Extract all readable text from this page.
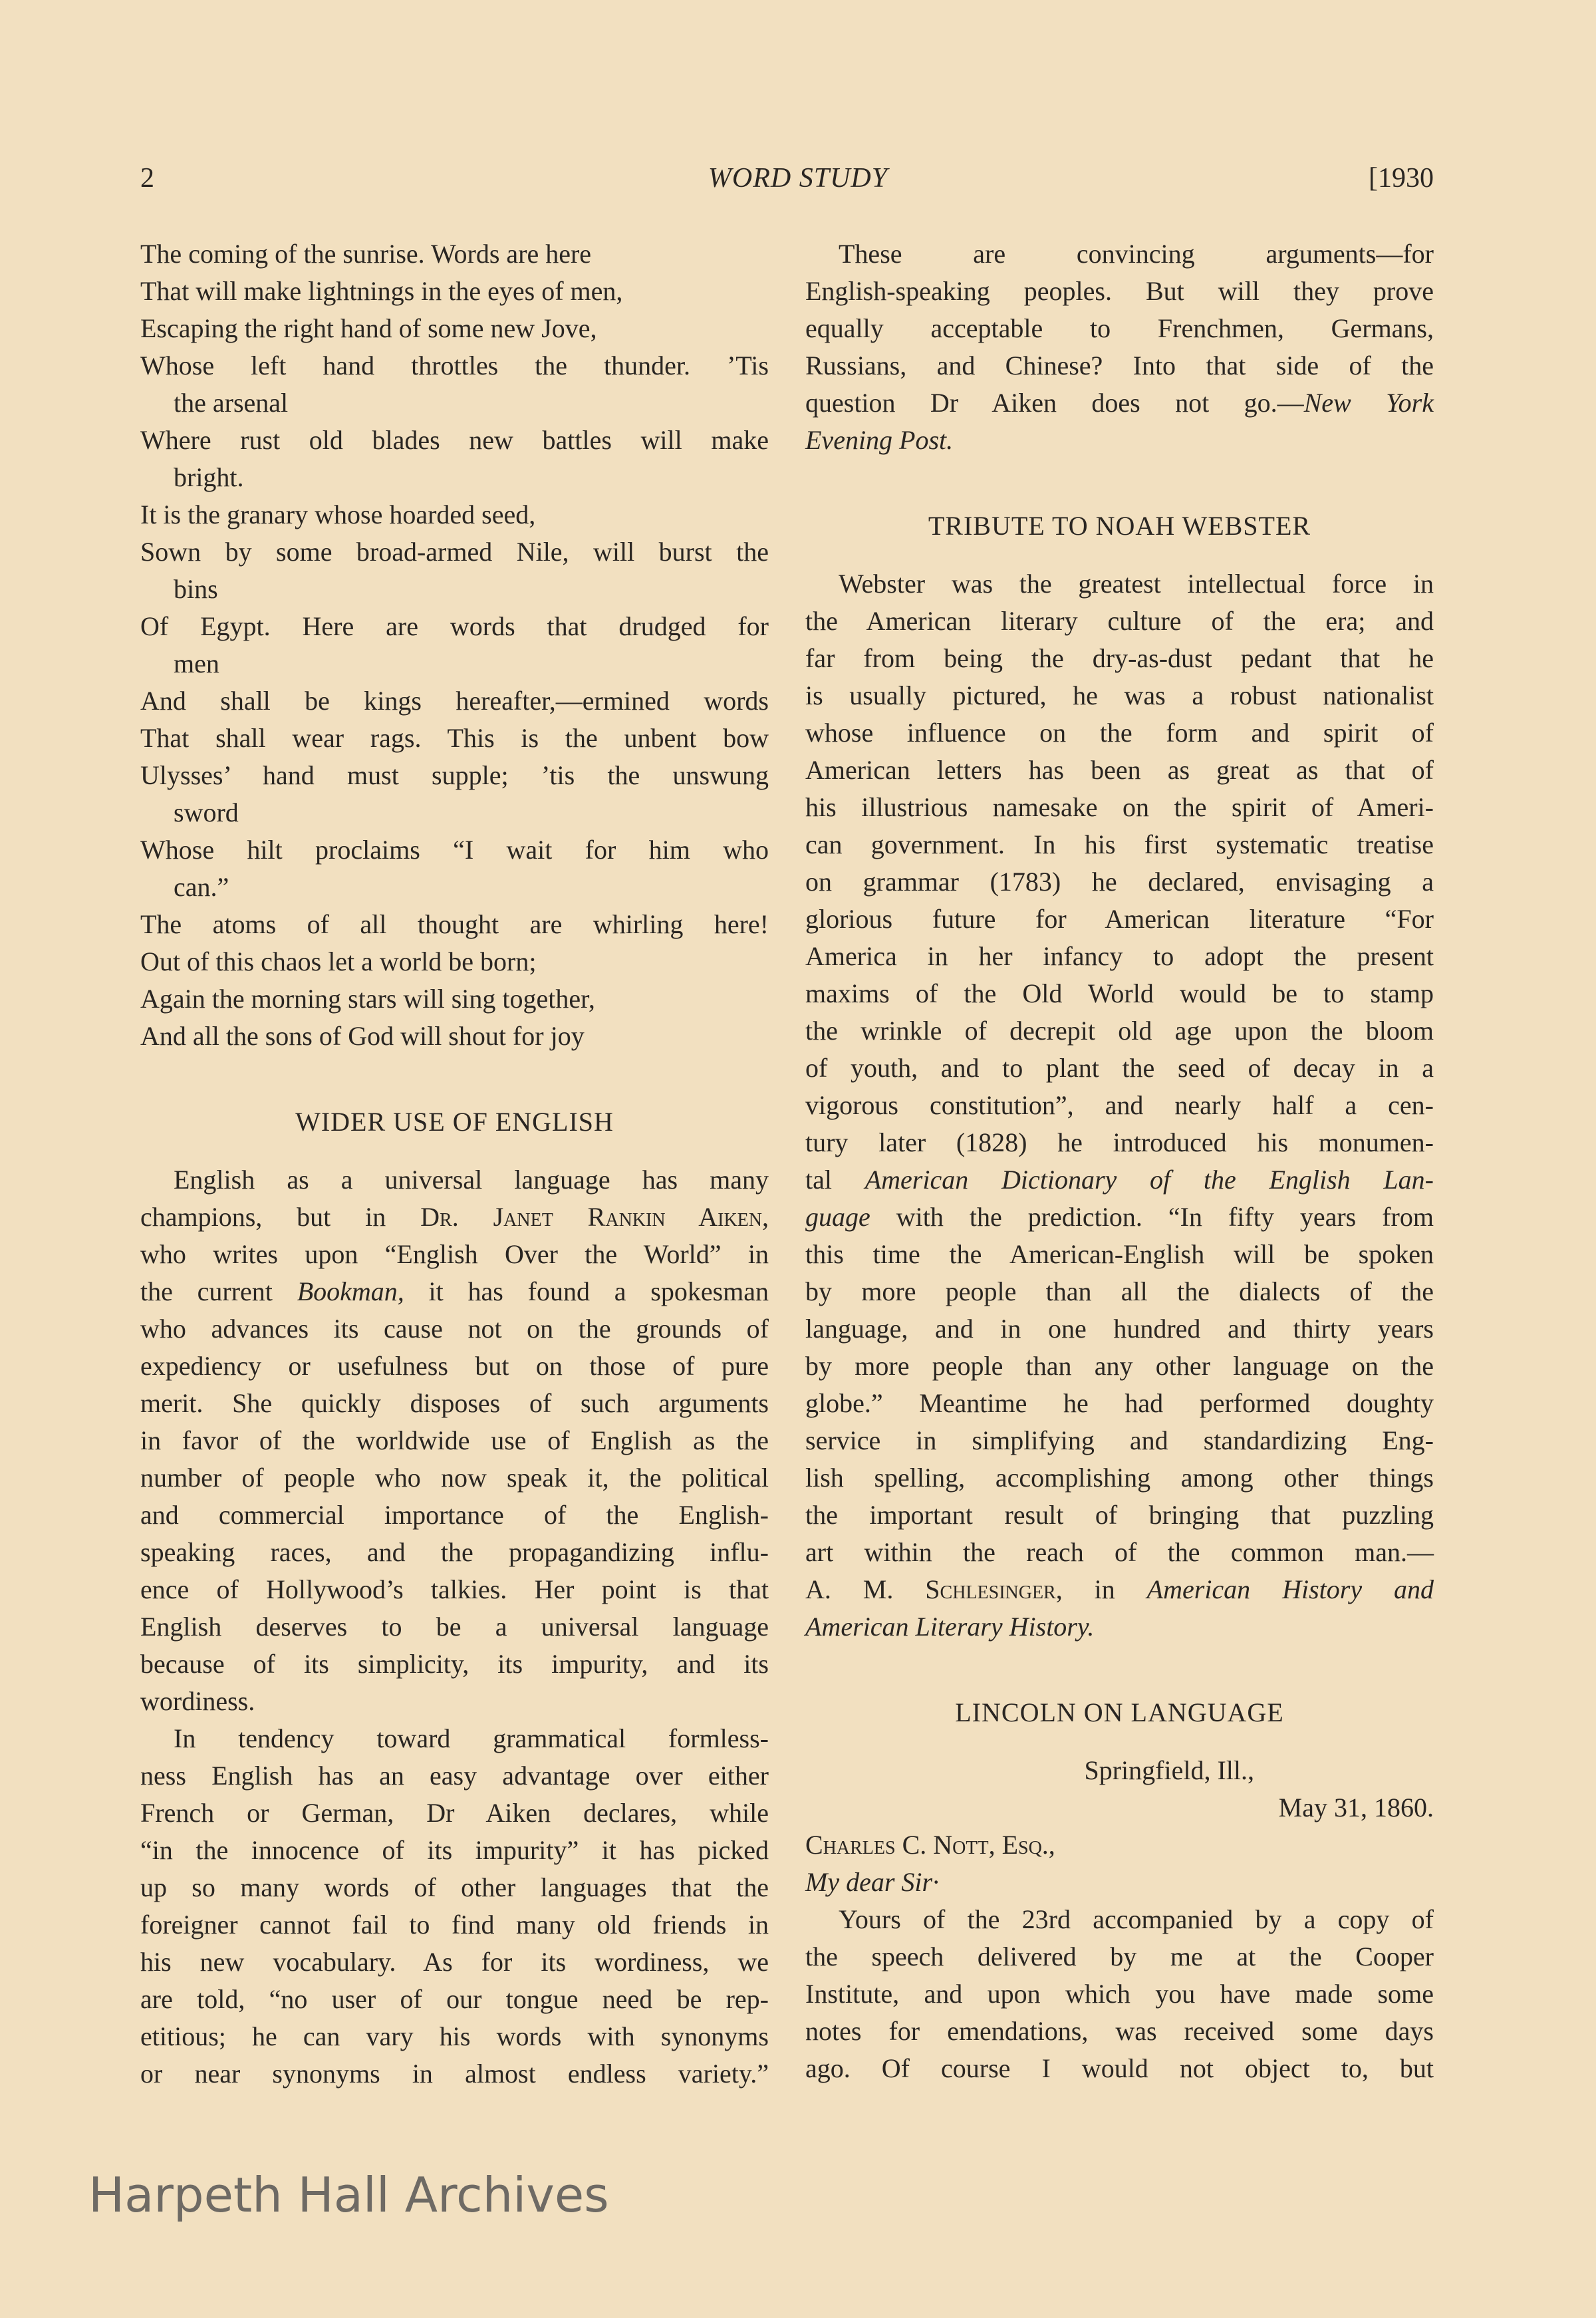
2	WORD STUDY	[1930
The coming of the sunrise. Words are here
That will make lightnings in the eyes of men,
Escaping the right hand of some new Jove,
Whose left hand throttles the thunder. ’Tis
the arsenal
Where rust old blades new battles will make
bright.
It is the granary whose hoarded seed,
Sown by some broad-armed Nile, will burst the
bins
Of Egypt. Here are words that drudged for
men
And shall be kings hereafter,—ermined words
That shall wear rags. This is the unbent bow
Ulysses’ hand must supple; ’tis the unswung
sword
Whose hilt proclaims “I wait for him who
can.”
The atoms of all thought are whirling here!
Out of this chaos let a world be born;
Again the morning stars will sing together,
And all the sons of God will shout for joy
WIDER USE OF ENGLISH
English as a universal language has many
champions, but in Dr. Janet Rankin Aiken,
who writes upon “English Over the World” in
the current Bookman, it has found a spokesman
who advances its cause not on the grounds of
expediency or usefulness but on those of pure
merit. She quickly disposes of such arguments
in favor of the worldwide use of English as the
number of people who now speak it, the political
and commercial importance of the English-
speaking races, and the propagandizing influ-
ence of Hollywood’s talkies. Her point is that
English deserves to be a universal language
because of its simplicity, its impurity, and its
wordiness.
In tendency toward grammatical formless-
ness English has an easy advantage over either
French or German, Dr Aiken declares, while
“in the innocence of its impurity” it has picked
up so many words of other languages that the
foreigner cannot fail to find many old friends in
his new vocabulary. As for its wordiness, we
are told, “no user of our tongue need be rep-
etitious; he can vary his words with synonyms
or near synonyms in almost endless variety.”
These are convincing arguments—for
English-speaking peoples. But will they prove
equally acceptable to Frenchmen, Germans,
Russians, and Chinese? Into that side of the
question Dr Aiken does not go.—New York
Evening Post.
TRIBUTE TO NOAH WEBSTER
Webster was the greatest intellectual force in
the American literary culture of the era; and
far from being the dry-as-dust pedant that he
is usually pictured, he was a robust nationalist
whose influence on the form and spirit of
American letters has been as great as that of
his illustrious namesake on the spirit of Ameri-
can government. In his first systematic treatise
on grammar (1783) he declared, envisaging a
glorious future for American literature “For
America in her infancy to adopt the present
maxims of the Old World would be to stamp
the wrinkle of decrepit old age upon the bloom
of youth, and to plant the seed of decay in a
vigorous constitution”, and nearly half a cen-
tury later (1828) he introduced his monumen-
tal American Dictionary of the English Lan-
guage with the prediction. “In fifty years from
this time the American-English will be spoken
by more people than all the dialects of the
language, and in one hundred and thirty years
by more people than any other language on the
globe.” Meantime he had performed doughty
service in simplifying and standardizing Eng-
lish spelling, accomplishing among other things
the important result of bringing that puzzling
art within the reach of the common man.—
A. M. Schlesinger, in American History and
American Literary History.
LINCOLN ON LANGUAGE
Springfield, Ill.,
May 31, 1860.
Charles C. Nott, Esq.,
My dear Sir·
Yours of the 23rd accompanied by a copy of
the speech delivered by me at the Cooper
Institute, and upon which you have made some
notes for emendations, was received some days
ago. Of course I would not object to, but
Harpeth Hall Archives
